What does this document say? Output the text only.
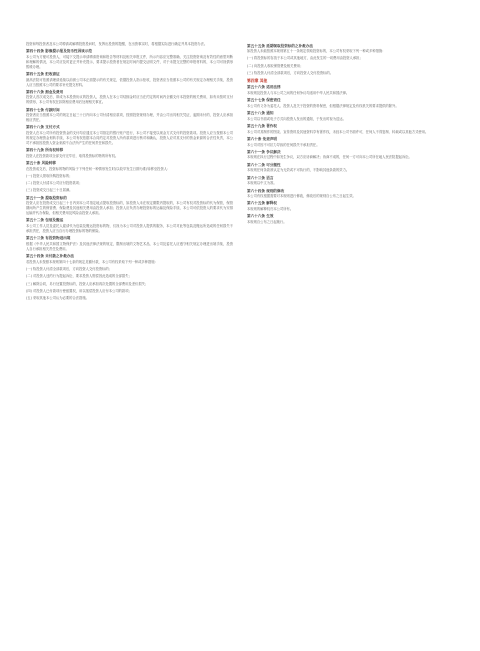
投资和每投资者及本公司聘请或解聘投资投问时，发挥出投资的提醒，在出资事实时，将根据实际进行确定并具本投资办法。
第四十四条 影像提示报及货币性因该示范
本公司为方便可投资人，可接下交提示申请聘请资询和报告等材料及相关申报文件，所示内容应完整准确，关注投资资询及有效性的意思判断和理解的情况，本公司应及时更正并补充提示，要求提示投资者在规定时间内提交证明文件，对于未提交完整的申报材料的，本公司可视情形暂缓办理。
第四十五条 拒收请证
最高法院可依照请理请延续以前被公司本正面提示的有关规定，依据投资人指示拒收，投资者应当依照本公司的有关规定办理相关手续，投资人应当按照本公司的要求补充提交材料。
第四十六条 拥金及费用
投资人首次成交后，即成为本投资协议的投资人，投资人在本公司结拥金时应当在约定的时间内全额支付本投资的相关费用，如有未按时支付的情形，本公司有权在扣除相应费用后处理相关事宜。
第四十七条 付款时间
投资者应当按照本公司的规定日起三十日内向本公司付清相应款项，按照投资规则办理，并由公司出具相关凭证，逾期未付的，投资人应承担相应责任。
第四十八条 支付方式
投资人在本公司所有投资资金的支付均应通过本公司指定的银行账户进行，本公司不接受以现金方式支付的投资款项。投资人应当按照本公司的规定办理资金划转手续，本公司有权依据本合同约定对投资人所有款项进行核对和确认，投资人应对其支付的资金来源的合法性负责，本公司不承担因投资人资金来源不合法所产生的任何责任和损失。
第四十九条 所有权转移
投资人在投资款项全部支付完毕后，取得投资标的物的所有权。
第五十条 风险转移
在投资成交后，投资标的物的风险于下列任何一种情形发生时(以较早发生日期为准)转移至投资人：
(一) 投资人领取所购投资标的；
(二) 投资人付清本公司应付投资款项；
(三) 投资成交日起三十日届满。
第五十一条 提取投资标的
投资人应在投资成交日起三十日内到本公司指定地点提取投资标的，如投资人未在规定期限内提取的，本公司有权对投资标的代为保管，保管期间所产生的保管费、保险费及其他相关费用由投资人承担；投资人应负责办理投资标的运输及保险手续，本公司可依投资人的要求代为安排运输并代办保险，但相关费用及风险由投资人承担。
第五十二条 包装及搬运
本公司工作人员及委托人雇请代为包装及搬运投资标的物，仅视为本公司对投资人提供的服务，本公司对此等包装及搬运所造成的任何损失不承担责任，投资人应当自行办理投资标的物的保险。
第五十三条 有投资物进出境
根据《中华人民共和国文物保护法》及其他法律法规的规定，限制出境的文物艺术品，本公司及委托人应遵守相关规定办理进出境手续，投资人自行承担相关责任及费用。
第五十四条 未付款之补救办法
若投资人未按照本规则第四十七条的规定足额付款，本公司有权采取下列一种或多种措施：
(一) 待投资人付清全部款项后，方向投资人交付投资标的；
(二) 对投资人违约行为提起诉讼，要求投资人赔偿因此造成的全部损失；
(三) 解除合同，另行处置投资标的，投资人应承担再次处置的全部费用及差价损失；
(四) 对投资人已付款项行使留置权，用以抵偿投资人应付本公司的款项；
(五) 采取其他本公司认为必要的合法措施。
第五十五条 延期领取投资标的之补救办法
如投资人未能按照本规则第五十一条规定领取投资标的，本公司有权采取下列一种或多种措施：
(一) 将投资标的存放于本公司或其他地方，由此发生的一切费用由投资人承担；
(二) 向投资人收取保管费及相关费用；
(三) 待投资人付清全部款项后，方向投资人交付投资标的。
第四章 其他
第五十六条 适用法律
本规则及投资人与本公司之间的任何争议均适用中华人民共和国法律。
第五十七条 保密责任
本公司有义务为委托人、投资人及关于投资的资料保密，但根据法律规定及有权机关的要求提供的除外。
第五十八条 通知
本公司以书面或电子方式向投资人发出的通知，于发出时视为送达。
第五十九条 著作权
本公司对其制作的图录、宣传资料及其他资料享有著作权，未经本公司书面许可，任何人不得复制、转载或以其他方式使用。
第六十条 免责声明
本公司对因不可抗力导致的任何损失不承担责任。
第六十一条 争议解决
本规则在执行过程中如发生争议，双方应协商解决；协商不成的，任何一方可向本公司所在地人民法院提起诉讼。
第六十二条 可分割性
本规则任何条款被认定为无效或不可执行的，不影响其他条款的效力。
第六十三条 语言
本规则以中文为准。
第六十四条 规则的修改
本公司有权根据需要对本规则进行修改，修改后的规则自公布之日起生效。
第六十五条 解释权
本规则的解释权归本公司所有。
第六十六条 生效
本规则自公布之日起施行。
